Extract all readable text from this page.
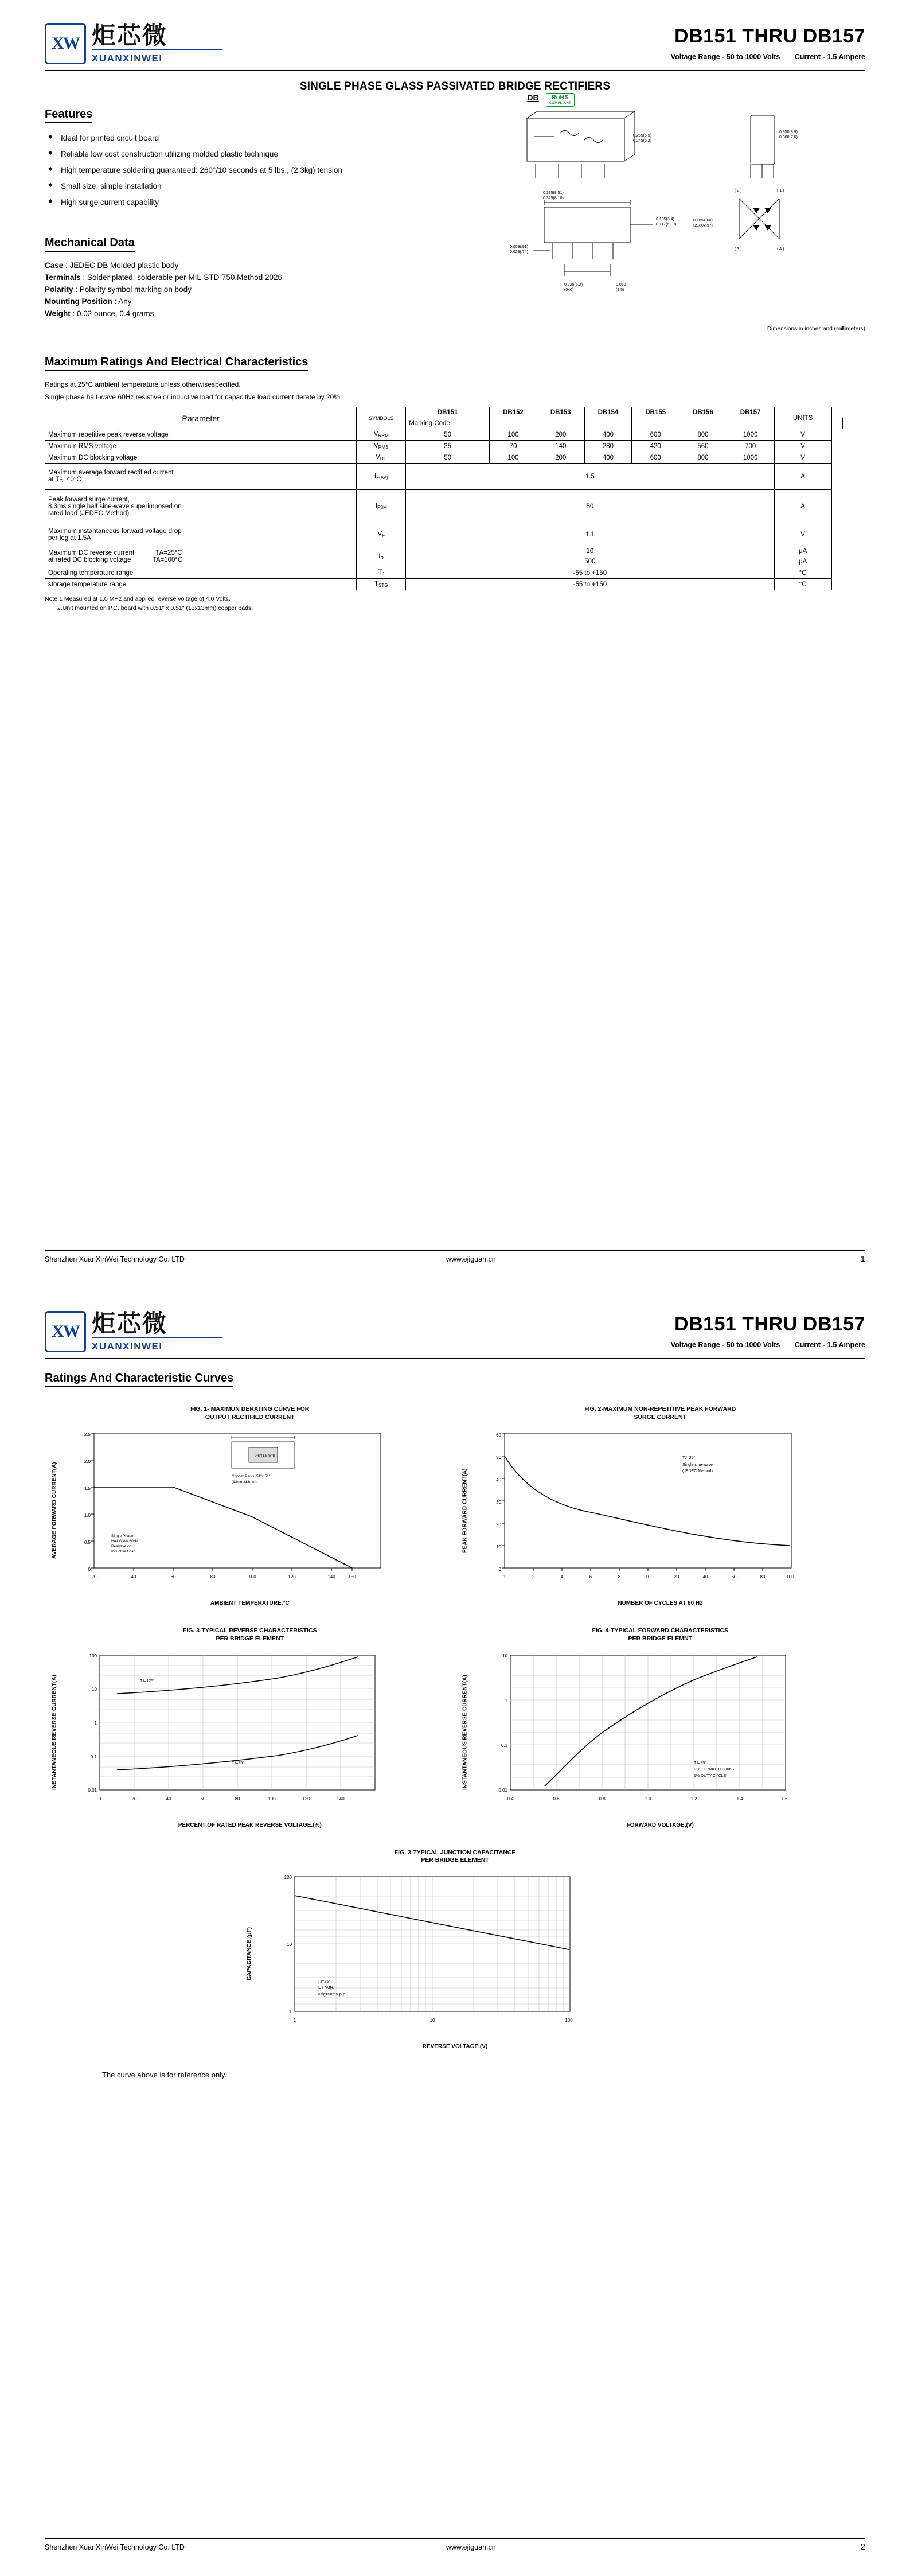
XW 炬芯微
XUANXINWEI
DB151 THRU DB157
Voltage Range - 50 to 1000 Volts Current - 1.5 Ampere
SINGLE PHASE GLASS PASSIVATED BRIDGE RECTIFIERS
Features
◆ Ideal for printed circuit board
◆ Reliable low cost construction utilizing molded plastic technique
◆ High temperature soldering guaranteed: 260°/10 seconds at 5 lbs., (2.3kg) tension
◆ Small size, simple installation
◆ High surge current capability
Mechanical Data
Case : JEDEC DB Molded plastic body
Terminals : Solder plated, solderable per MIL-STD-750,Method 2026
Polarity : Polarity symbol marking on body
Mounting Position : Any
Weight : 0.02 ounce, 0.4 grams
DB	RoHS
COMPLIANT
0.255(6.5)
0.245(6.2)
0.350(8.9)
0.300(7.6)
0.335(8.51)
0.325(8.10)
0.135(3.4)
0.117(62.9)
0.1654(60)
(21802.97)
0.009(.91)
0.029(.74)
0.225(5.2)
(040)
0.060
(1.5)
( 2 )	( 1 )
( 3 )	( 4 )
Dimensions in inches and (millimeters)
Maximum Ratings And Electrical Characteristics
Ratings at 25°C ambient temperature unless otherwisespecified.
Single phase half-wave 60Hz,resistive or inductive load,for capacitive load current derate by 20%.
Parameter	SYMBOLS	DB151	DB152	DB153	DB154	DB155	DB156	DB157	UNITS			
		Marking Code										
Maximum repetitive peak reverse voltage	$V_{RRM}$	50	100	200	400	600	800	1000	V			
Maximum RMS voltage	$V_{RMS}$	35	70	140	280	420	560	700	V			
Maximum DC blocking voltage	$V_{DC}$	50	100	200	400	600	800	1000	V			
Maximum average forward rectified current
at $T_C=40^\circ C$	$I_{F(AV)}$	1.5							A			
Peak forward surge current,
8.3ms single half sine-wave superimposed on
rated load (JEDEC Method)	$I_{FSM}$	50							A			
Maximum instantaneous forward voltage drop
per leg at 1.5A	$V_F$	1.1							V			
Maximum DC reverse current TA=25°C
at rated DC blocking voltage TA=100°C	$I_R$	10							μA			
		500							μA			
Operating temperature range	$T_J$	-55 to +150							°C			
storage temperature range	$T_{STG}$	-55 to +150							°C			
Note:1 Measured at 1.0 MHz and applied reverse voltage of 4.0 Volts.
2.Unit mounted on P.C. board with 0.51" x 0.51" (13x13mm) copper pads.
Shenzhen XuanXinWei Technology Co. LTD	www.ejiguan.cn	1
XW 炬芯微
XUANXINWEI
DB151 THRU DB157
Voltage Range - 50 to 1000 Volts Current - 1.5 Ampere
Ratings And Characteristic Curves
FIG. 1- MAXIMUN DERATING CURVE FOR
OUTPUT RECTIFIED CURRENT
AVERAGE FORWARD CURRENT(A)
0
0.5
1.0
1.5
2.0
2.5
20	40	60	80	100	120	140	150
0.6"(1.5mm)
Copper Pauls .51"x.51"
(13mmx13mm)
Single Phase
Half Wave 60Hz
Resistive or
Inductive Load
AMBIENT TEMPERATURE,°C
FIG. 2-MAXIMUM NON-REPETITIVE PEAK FORWARD
SURGE CURRENT
PEAK FORWARD CURRENT(A)
0
10
20
30
40
50
60
1	2	4	6	8	10	20	40	60	80	100
TJ=25°
Single sine-wave
(JEDEC Method)
NUMBER OF CYCLES AT 60 Hz
FIG. 3-TYPICAL REVERSE CHARACTERISTICS
PER BRIDGE ELEMENT
INSTANTANEOUS REVERSE CURRENT(A)
100
10
1
0.1
0.01
0	20	40	60	80	100	120	140
TJ=125°
TJ=25°
PERCENT OF RATED PEAK REVERSE VOLTAGE.(%)
FIG. 4-TYPICAL FORWARD CHARACTERISTICS
PER BRIDGE ELEMNT
INSTANTANEOUS REVERSE CURRENT(A)
10
1
0.1
0.01
0.4	0.6	0.8	1.0	1.2	1.4	1.6
TJ=25°
PULSE WIDTH 300nS
1% DUTY CYCLE
FORWARD VOLTAGE,(V)
FIG. 3-TYPICAL JUNCTION CAPACITANCE
PER BRIDGE ELEMENT
CAPACITANCE,(pF)
100
10
1
1	10	100
TJ=25°
f=1.0MHz
Vsig=50mV p-p
REVERSE VOLTAGE.(V)
The curve above is for reference only.
Shenzhen XuanXinWei Technology Co. LTD	www.ejiguan.cn	2
